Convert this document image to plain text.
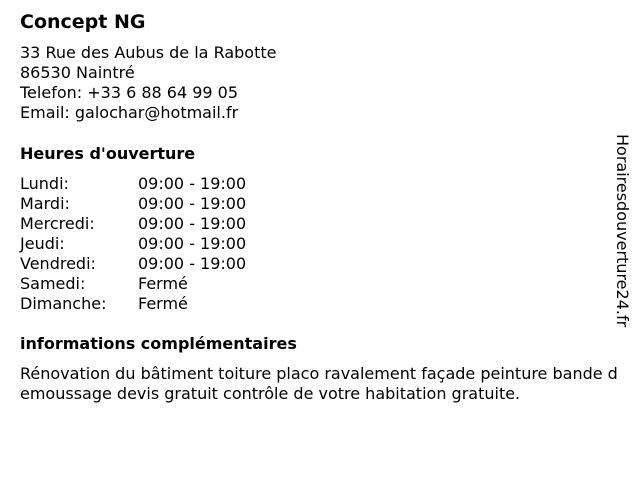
Concept NG
33 Rue des Aubus de la Rabotte
86530 Naintré
Telefon: +33 6 88 64 99 05
Email: galochar@hotmail.fr
Heures d'ouverture
Lundi:	09:00 - 19:00
Mardi:	09:00 - 19:00
Mercredi:	09:00 - 19:00
Jeudi:	09:00 - 19:00
Vendredi:	09:00 - 19:00
Samedi:	Fermé
Dimanche:	Fermé
informations complémentaires
Rénovation du bâtiment toiture placo ravalement façade peinture bande demoussage devis gratuit contrôle de votre habitation gratuite.
Horairesdouverture24.fr
